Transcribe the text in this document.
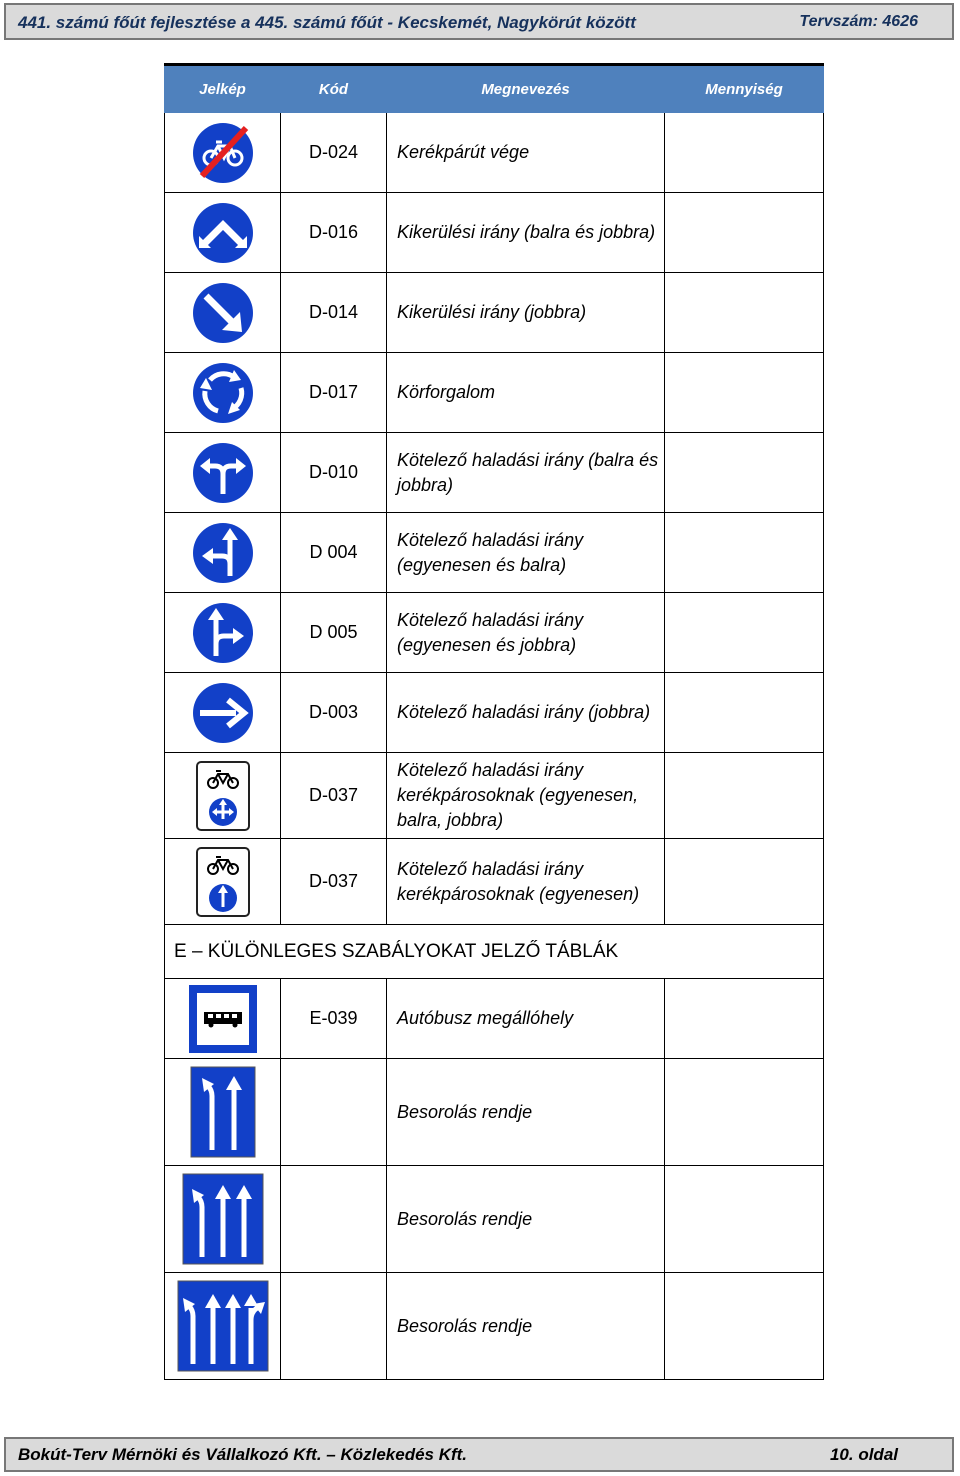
441. számú főút fejlesztése a 445. számú főút - Kecskemét, Nagykörút között	Tervszám: 4626
Jelkép	Kód	Megnevezés	Mennyiség

	D-024	Kerékpárút vége	

	D-016	Kikerülési irány (balra és jobbra)	

	D-014	Kikerülési irány (jobbra)	

	D-017	Körforgalom	

	D-010	Kötelező haladási irány (balra és jobbra)	

	D 004	Kötelező haladási irány (egyenesen és balra)	

	D 005	Kötelező haladási irány (egyenesen és jobbra)	

	D-003	Kötelező haladási irány (jobbra)	

	D-037	Kötelező haladási irány kerékpárosoknak (egyenesen, balra, jobbra)	

	D-037	Kötelező haladási irány kerékpárosoknak (egyenesen)	
E – KÜLÖNLEGES SZABÁLYOKAT JELZŐ TÁBLÁK			

	E-039	Autóbusz megállóhely	

		Besorolás rendje	

		Besorolás rendje	

		Besorolás rendje	
Bokút-Terv Mérnöki és Vállalkozó Kft. – Közlekedés Kft.	10. oldal
